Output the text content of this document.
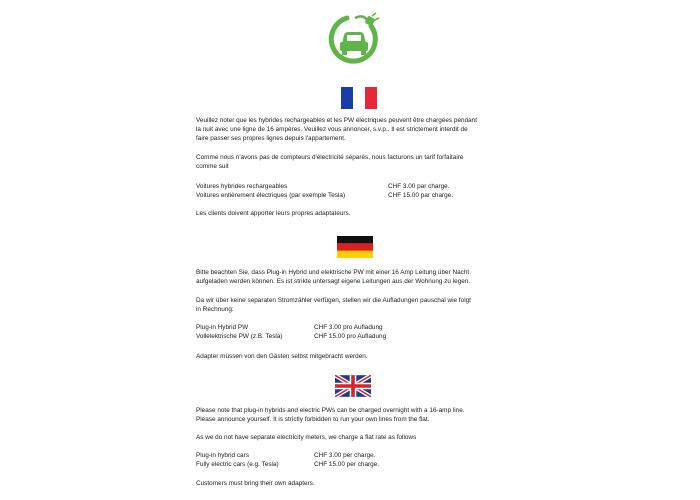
Veuillez noter que les hybrides rechargeables et les PW électriques peuvent être chargées pendant
la nuit avec une ligne de 16 ampères. Veuillez vous annoncer, s.v.p.. Il est strictement interdit de
faire passer ses propres lignes depuis l'appartement.
Comme nous n'avons pas de compteurs d'électricité séparés, nous facturons un tarif forfaitaire
comme suit
Voitures hybrides rechargeables	CHF 3.00 par charge.
Voitures entièrement électriques (par exemple Tesla)	CHF 15.00 par charge.
Les clients doivent apporter leurs propres adaptateurs.
Bitte beachten Sie, dass Plug-in Hybrid und elektrische PW mit einer 16 Amp Leitung über Nacht
aufgeladen werden können. Es ist strikte untersagt eigene Leitungen aus der Wohnung zu legen.
Da wir über keine separaten Stromzähler verfügen, stellen wir die Aufladungen pauschal wie folgt
in Rechnung:
Plug-in Hybrid PW	CHF 3.00 pro Aufladung
Vollelektrische PW (z.B. Tesla)	CHF 15.00 pro Aufladung
Adapter müssen von den Gästen selbst mitgebracht werden.
Please note that plug-in hybrids and electric PWs can be charged overnight with a 16-amp line.
Please announce yourself. It is strictly forbidden to run your own lines from the flat.
As we do not have separate electricity meters, we charge a flat rate as follows
Plug-in hybrid cars	CHF 3.00 per charge.
Fully electric cars (e.g. Tesla)	CHF 15.00 per charge.
Customers must bring their own adapters.
